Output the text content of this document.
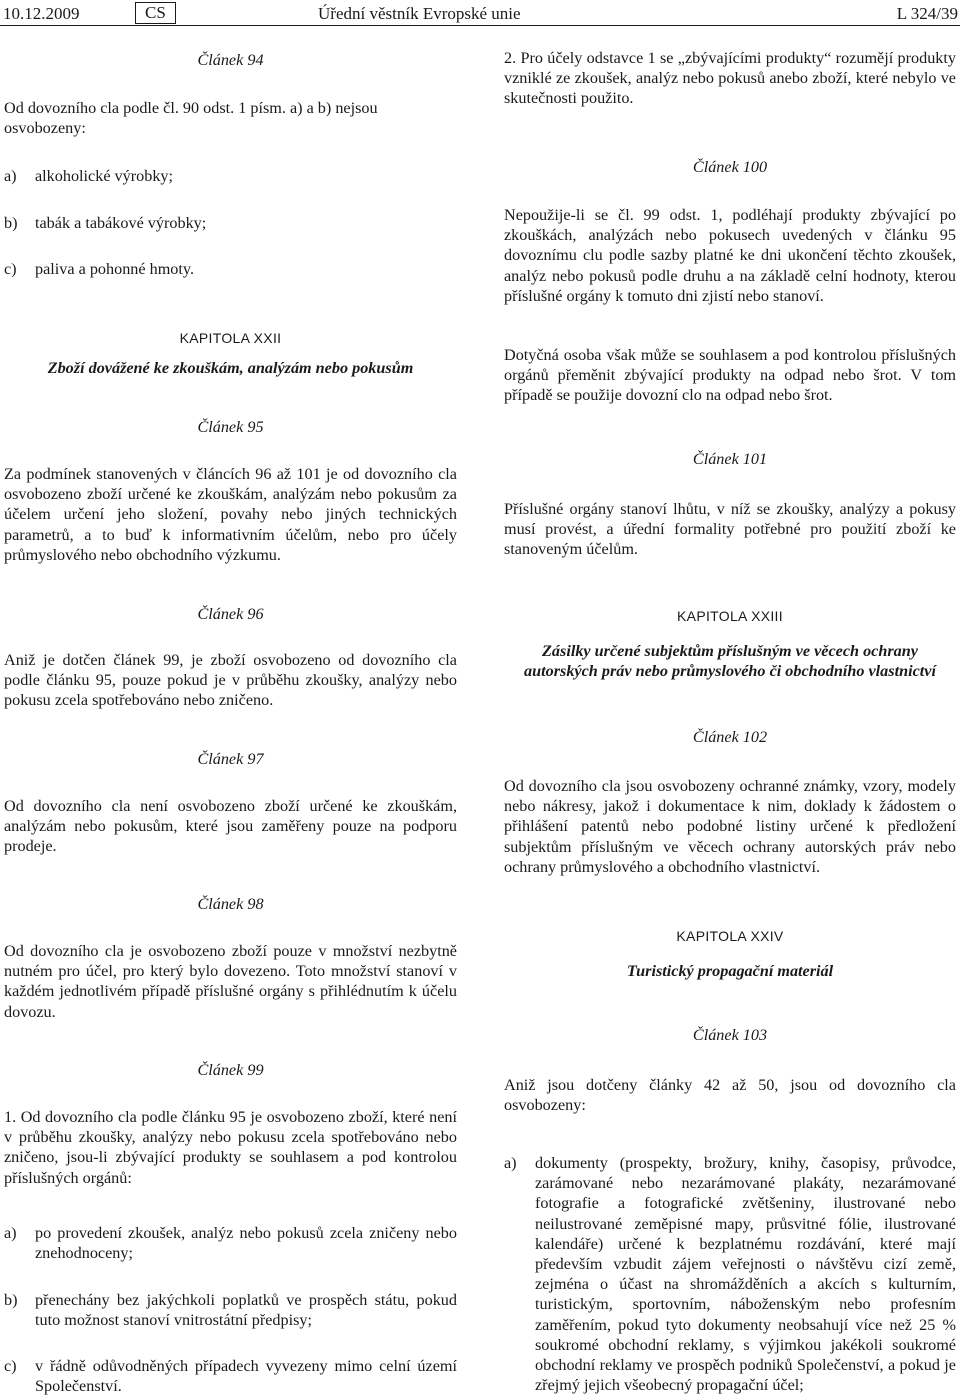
10.12.2009	CS	Úřední věstník Evropské unie	L 324/39

Článek 94

Od dovozního cla podle čl. 90 odst. 1 písm. a) a b) nejsou osvobozeny:

a)	alkoholické výrobky;
b)	tabák a tabákové výrobky;
c)	paliva a pohonné hmoty.

KAPITOLA XXII

Zboží dovážené ke zkouškám, analýzám nebo pokusům

Článek 95

Za podmínek stanovených v článcích 96 až 101 je od dovozního cla osvobozeno zboží určené ke zkouškám, analýzám nebo pokusům za účelem určení jeho složení, povahy nebo jiných technických parametrů, a to buď k informativním účelům, nebo pro účely průmyslového nebo obchodního výzkumu.

Článek 96

Aniž je dotčen článek 99, je zboží osvobozeno od dovozního cla podle článku 95, pouze pokud je v průběhu zkoušky, analýzy nebo pokusu zcela spotřebováno nebo zničeno.

Článek 97

Od dovozního cla není osvobozeno zboží určené ke zkouškám, analýzám nebo pokusům, které jsou zaměřeny pouze na podporu prodeje.

Článek 98

Od dovozního cla je osvobozeno zboží pouze v množství nezbytně nutném pro účel, pro který bylo dovezeno. Toto množství stanoví v každém jednotlivém případě příslušné orgány s přihlédnutím k účelu dovozu.

Článek 99

1. Od dovozního cla podle článku 95 je osvobozeno zboží, které není v průběhu zkoušky, analýzy nebo pokusu zcela spotřebováno nebo zničeno, jsou-li zbývající produkty se souhlasem a pod kontrolou příslušných orgánů:

a)	po provedení zkoušek, analýz nebo pokusů zcela zničeny nebo znehodnoceny;
b)	přenechány bez jakýchkoli poplatků ve prospěch státu, pokud tuto možnost stanoví vnitrostátní předpisy;
c)	v řádně odůvodněných případech vyvezeny mimo celní území Společenství.

2. Pro účely odstavce 1 se „zbývajícími produkty“ rozumějí produkty vzniklé ze zkoušek, analýz nebo pokusů anebo zboží, které nebylo ve skutečnosti použito.

Článek 100

Nepoužije-li se čl. 99 odst. 1, podléhají produkty zbývající po zkouškách, analýzách nebo pokusech uvedených v článku 95 dovoznímu clu podle sazby platné ke dni ukončení těchto zkoušek, analýz nebo pokusů podle druhu a na základě celní hodnoty, kterou příslušné orgány k tomuto dni zjistí nebo stanoví.

Dotyčná osoba však může se souhlasem a pod kontrolou příslušných orgánů přeměnit zbývající produkty na odpad nebo šrot. V tom případě se použije dovozní clo na odpad nebo šrot.

Článek 101

Příslušné orgány stanoví lhůtu, v níž se zkoušky, analýzy a pokusy musí provést, a úřední formality potřebné pro použití zboží ke stanoveným účelům.

KAPITOLA XXIII

Zásilky určené subjektům příslušným ve věcech ochrany autorských práv nebo průmyslového či obchodního vlastnictví

Článek 102

Od dovozního cla jsou osvobozeny ochranné známky, vzory, modely nebo nákresy, jakož i dokumentace k nim, doklady k žádostem o přihlášení patentů nebo podobné listiny určené k předložení subjektům příslušným ve věcech ochrany autorských práv nebo ochrany průmyslového a obchodního vlastnictví.

KAPITOLA XXIV

Turistický propagační materiál

Článek 103

Aniž jsou dotčeny články 42 až 50, jsou od dovozního cla osvobozeny:

a)	dokumenty (prospekty, brožury, knihy, časopisy, průvodce, zarámované nebo nezarámované plakáty, nezarámované fotografie a fotografické zvětšeniny, ilustrované nebo neilustrované zeměpisné mapy, průsvitné fólie, ilustrované kalendáře) určené k bezplatnému rozdávání, které mají především vzbudit zájem veřejnosti o návštěvu cizí země, zejména o účast na shromážděních a akcích s kulturním, turistickým, sportovním, náboženským nebo profesním zaměřením, pokud tyto dokumenty neobsahují více než 25 % soukromé obchodní reklamy, s výjimkou jakékoli soukromé obchodní reklamy ve prospěch podniků Společenství, a pokud je zřejmý jejich všeobecný propagační účel;
